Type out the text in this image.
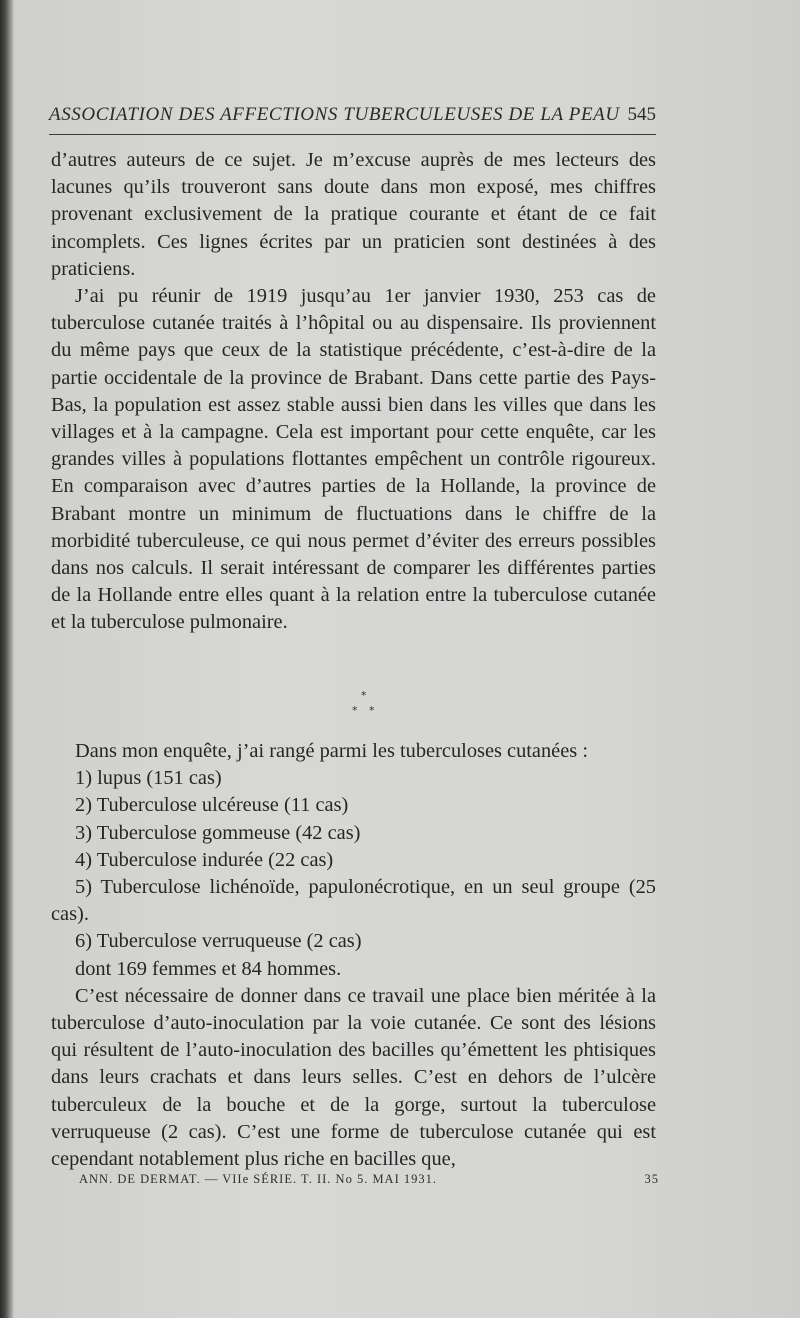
ASSOCIATION DES AFFECTIONS TUBERCULEUSES DE LA PEAU 545

d’autres auteurs de ce sujet. Je m’excuse auprès de mes lecteurs des lacunes qu’ils trouveront sans doute dans mon exposé, mes chiffres provenant exclusivement de la pratique courante et étant de ce fait incomplets. Ces lignes écrites par un praticien sont destinées à des praticiens.

J’ai pu réunir de 1919 jusqu’au 1er janvier 1930, 253 cas de tuberculose cutanée traités à l’hôpital ou au dispensaire. Ils proviennent du même pays que ceux de la statistique précédente, c’est-à-dire de la partie occidentale de la province de Brabant. Dans cette partie des Pays-Bas, la population est assez stable aussi bien dans les villes que dans les villages et à la campagne. Cela est important pour cette enquête, car les grandes villes à populations flottantes empêchent un contrôle rigoureux. En comparaison avec d’autres parties de la Hollande, la province de Brabant montre un minimum de fluctuations dans le chiffre de la morbidité tuberculeuse, ce qui nous permet d’éviter des erreurs possibles dans nos calculs. Il serait intéressant de comparer les différentes parties de la Hollande entre elles quant à la relation entre la tuberculose cutanée et la tuberculose pulmonaire.

*
* *

Dans mon enquête, j’ai rangé parmi les tuberculoses cutanées :

1) lupus (151 cas)

2) Tuberculose ulcéreuse (11 cas)

3) Tuberculose gommeuse (42 cas)

4) Tuberculose indurée (22 cas)

5) Tuberculose lichénoïde, papulonécrotique, en un seul groupe (25 cas).

6) Tuberculose verruqueuse (2 cas)

dont 169 femmes et 84 hommes.

C’est nécessaire de donner dans ce travail une place bien méritée à la tuberculose d’auto-inoculation par la voie cutanée. Ce sont des lésions qui résultent de l’auto-inoculation des bacilles qu’émettent les phtisiques dans leurs crachats et dans leurs selles. C’est en dehors de l’ulcère tuberculeux de la bouche et de la gorge, surtout la tuberculose verruqueuse (2 cas). C’est une forme de tuberculose cutanée qui est cependant notablement plus riche en bacilles que,

ANN. DE DERMAT. — VIIe SÉRIE. T. II. No 5. MAI 1931.	35
